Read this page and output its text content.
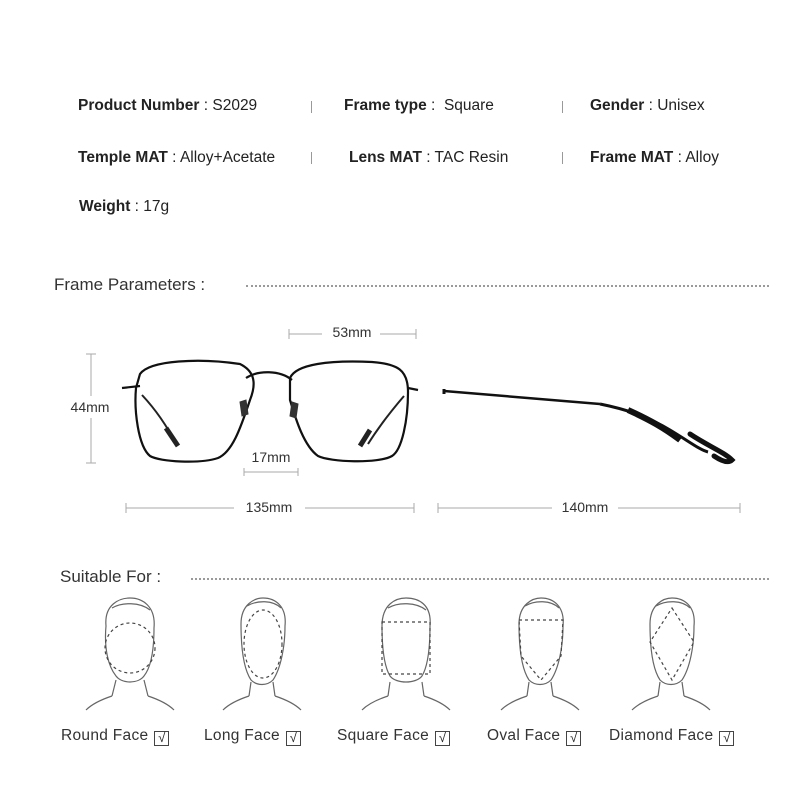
Product Number : S2029	Frame type :  Square	Gender : Unisex
Temple MAT : Alloy+Acetate	Lens MAT : TAC Resin	Frame MAT : Alloy
Weight : 17g
Frame Parameters :
53mm
44mm
17mm
135mm	140mm
Suitable For :
Round Face √ Long Face √	Square Face √	Oval Face √ Diamond Face √
